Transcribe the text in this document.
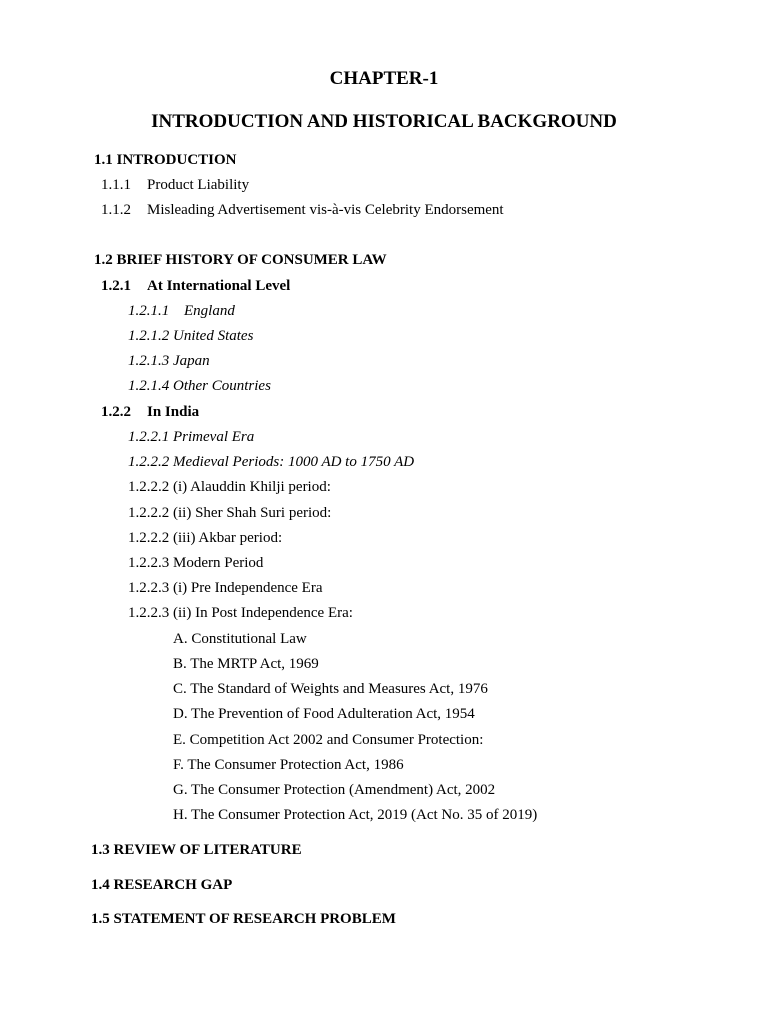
CHAPTER-1
INTRODUCTION AND HISTORICAL BACKGROUND
1.1 INTRODUCTION
1.1.1 Product Liability
1.1.2 Misleading Advertisement vis-à-vis Celebrity Endorsement
1.2 BRIEF HISTORY OF CONSUMER LAW
1.2.1 At International Level
1.2.1.1 England
1.2.1.2 United States
1.2.1.3 Japan
1.2.1.4 Other Countries
1.2.2 In India
1.2.2.1 Primeval Era
1.2.2.2 Medieval Periods: 1000 AD to 1750 AD
1.2.2.2 (i) Alauddin Khilji period:
1.2.2.2 (ii) Sher Shah Suri period:
1.2.2.2 (iii) Akbar period:
1.2.2.3 Modern Period
1.2.2.3 (i) Pre Independence Era
1.2.2.3 (ii) In Post Independence Era:
A. Constitutional Law
B. The MRTP Act, 1969
C. The Standard of Weights and Measures Act, 1976
D. The Prevention of Food Adulteration Act, 1954
E. Competition Act 2002 and Consumer Protection:
F. The Consumer Protection Act, 1986
G. The Consumer Protection (Amendment) Act, 2002
H. The Consumer Protection Act, 2019 (Act No. 35 of 2019)
1.3 REVIEW OF LITERATURE
1.4 RESEARCH GAP
1.5 STATEMENT OF RESEARCH PROBLEM
